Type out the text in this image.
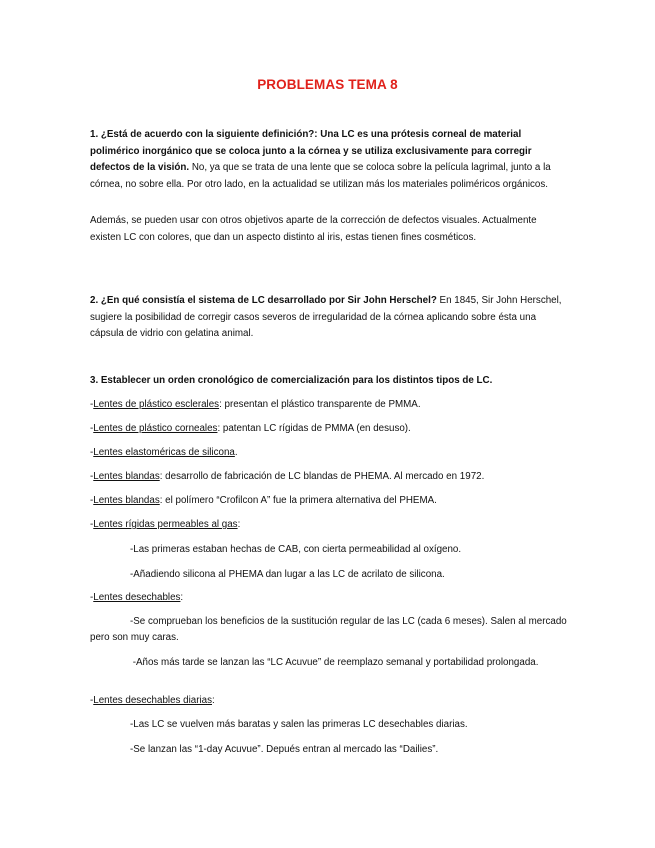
PROBLEMAS TEMA 8
1. ¿Está de acuerdo con la siguiente definición?: Una LC es una prótesis corneal de material polimérico inorgánico que se coloca junto a la córnea y se utiliza exclusivamente para corregir defectos de la visión. No, ya que se trata de una lente que se coloca sobre la película lagrimal, junto a la córnea, no sobre ella. Por otro lado, en la actualidad se utilizan más los materiales poliméricos orgánicos.
Además, se pueden usar con otros objetivos aparte de la corrección de defectos visuales. Actualmente existen LC con colores, que dan un aspecto distinto al iris, estas tienen fines cosméticos.
2. ¿En qué consistía el sistema de LC desarrollado por Sir John Herschel? En 1845, Sir John Herschel, sugiere la posibilidad de corregir casos severos de irregularidad de la córnea aplicando sobre ésta una cápsula de vidrio con gelatina animal.
3. Establecer un orden cronológico de comercialización para los distintos tipos de LC.
-Lentes de plástico esclerales: presentan el plástico transparente de PMMA.
-Lentes de plástico corneales: patentan LC rígidas de PMMA (en desuso).
-Lentes elastoméricas de silicona.
-Lentes blandas: desarrollo de fabricación de LC blandas de PHEMA. Al mercado en 1972.
-Lentes blandas: el polímero “Crofilcon A” fue la primera alternativa del PHEMA.
-Lentes rígidas permeables al gas:
-Las primeras estaban hechas de CAB, con cierta permeabilidad al oxígeno.
-Añadiendo silicona al PHEMA dan lugar a las LC de acrilato de silicona.
-Lentes desechables:
-Se comprueban los beneficios de la sustitución regular de las LC (cada 6 meses). Salen al mercado pero son muy caras.
-Años más tarde se lanzan las “LC Acuvue” de reemplazo semanal y portabilidad prolongada.
-Lentes desechables diarias:
-Las LC se vuelven más baratas y salen las primeras LC desechables diarias.
-Se lanzan las “1-day Acuvue”. Depués entran al mercado las “Dailies”.
